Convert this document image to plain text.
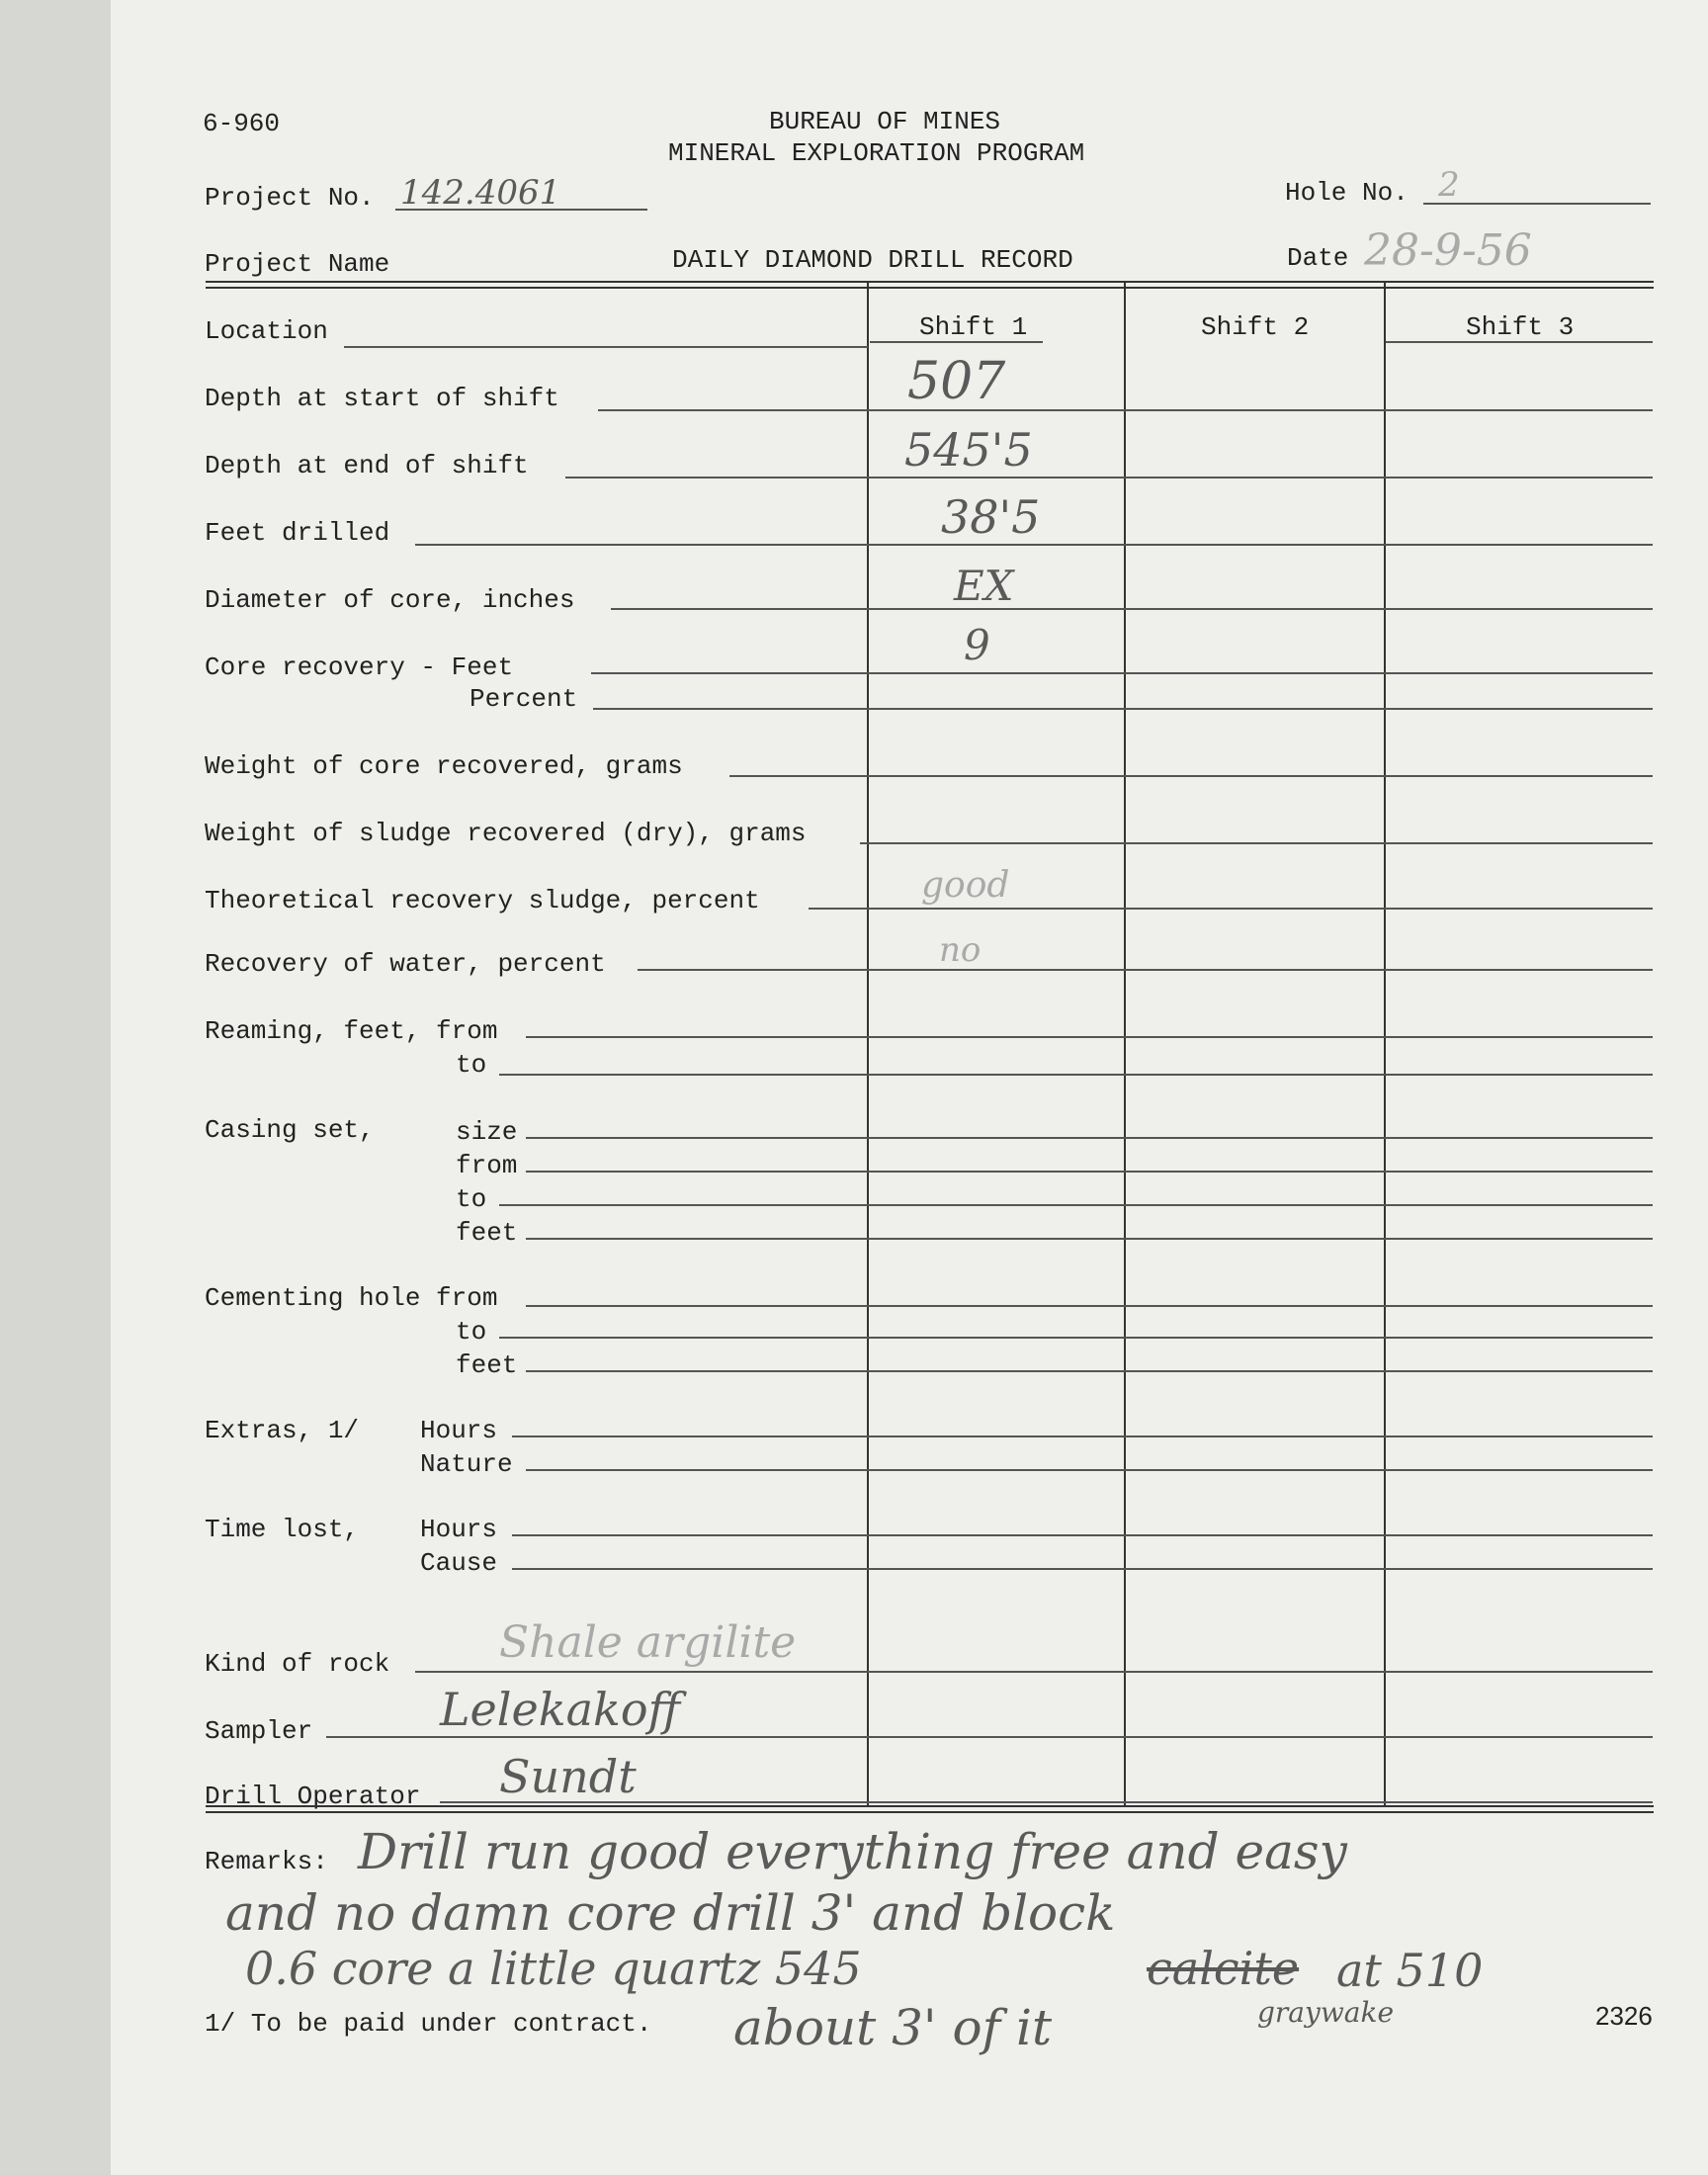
6-960	BUREAU OF MINES
MINERAL EXPLORATION PROGRAM
Project No. 142.4061	Hole No. 2
Project Name	DAILY DIAMOND DRILL RECORD	Date 28-9-56
Shift 1	Shift 2	Shift 3
Location
Depth at start of shift	507
Depth at end of shift	545'5
Feet drilled	38'5
Diameter of core, inches	EX
Core recovery - Feet	9
Percent
Weight of core recovered, grams
Weight of sludge recovered (dry), grams
Theoretical recovery sludge, percent	good
Recovery of water, percent	no
Reaming, feet, from
to
Casing set,	size
from
to
feet
Cementing hole from
to
feet
Extras, 1/ Hours
Nature
Time lost, Hours
Cause
Kind of rock	Shale argilite
Sampler	Lelekakoff
Drill Operator Sundt
Remarks: Drill run good everything free and easy
and no damn core drill 3' and block
0.6 core a little quartz 545	calcite at 510
about 3' of it	graywake
1/ To be paid under contract.	2326
